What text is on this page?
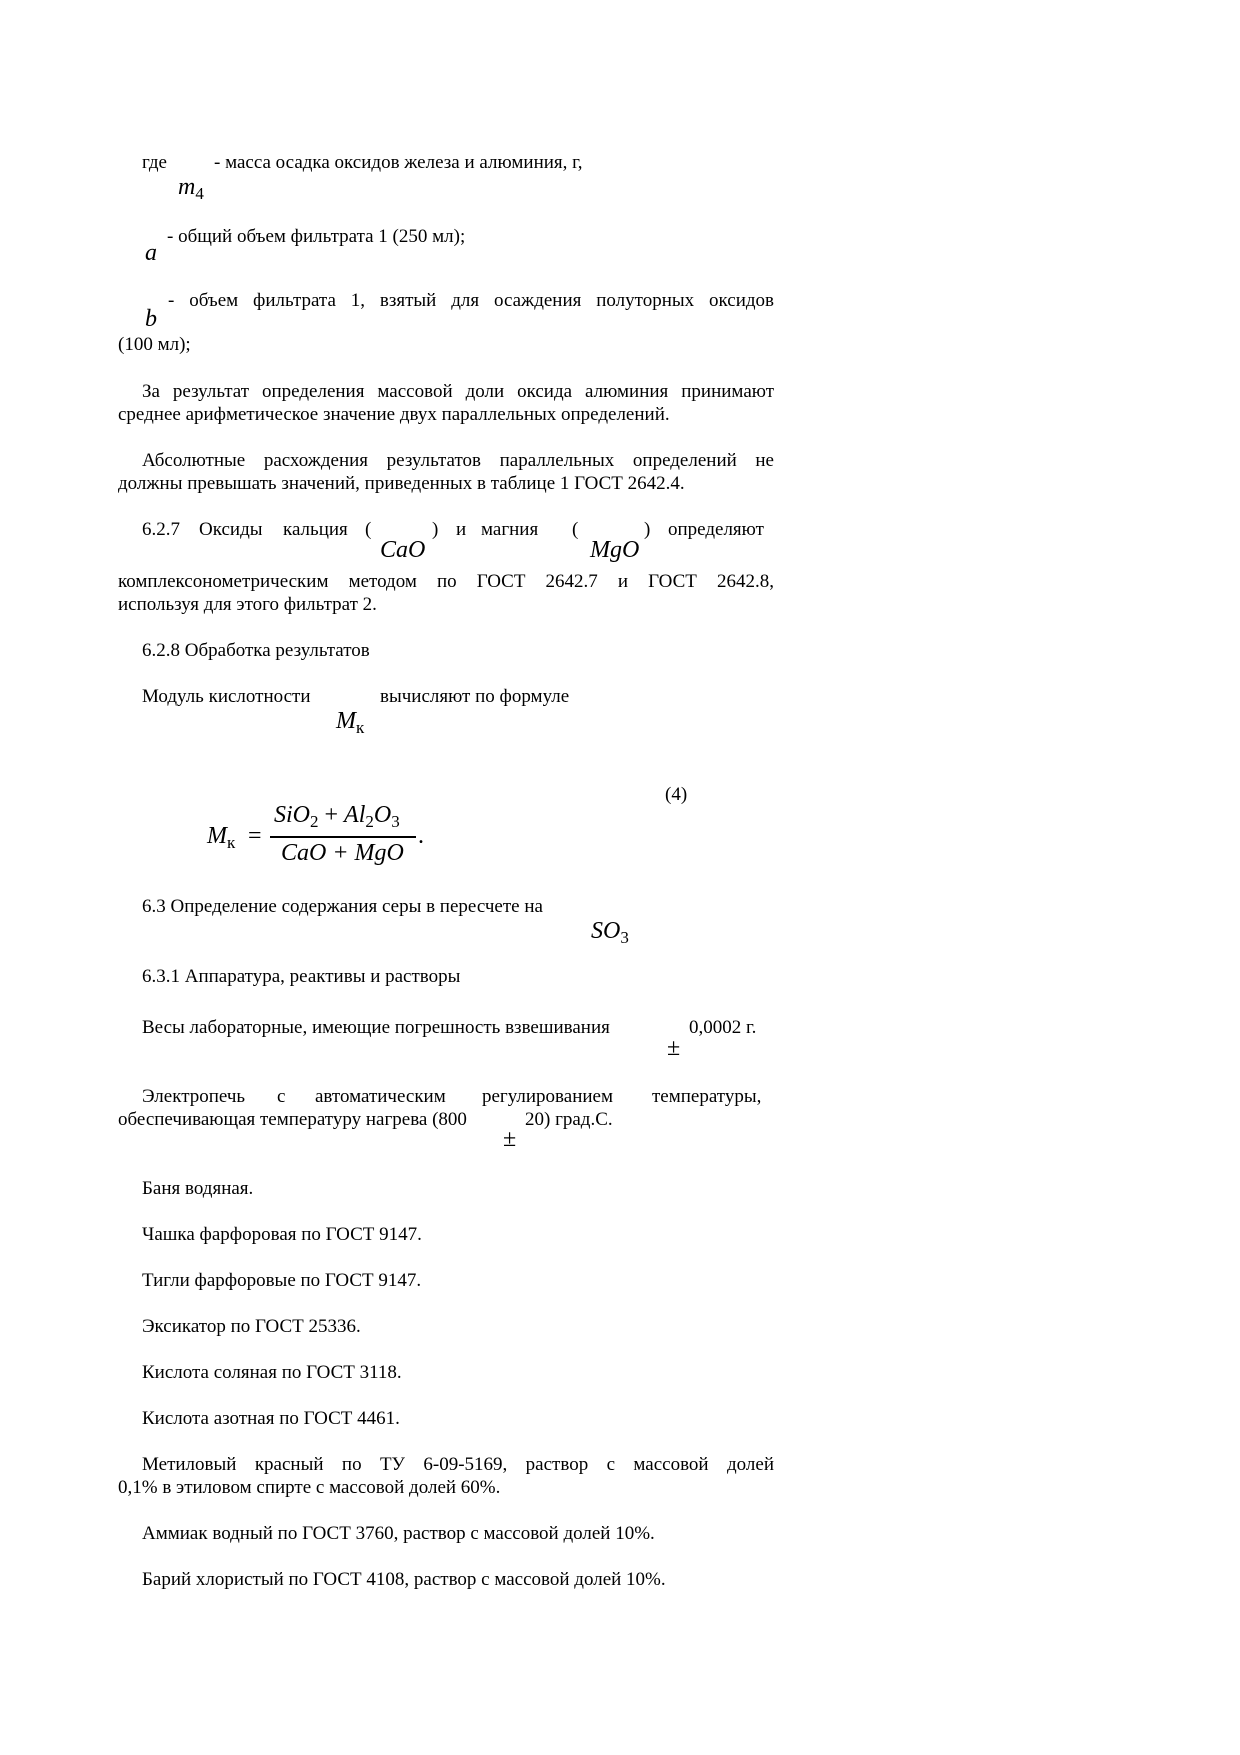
где - масса осадка оксидов железа и алюминия, г,
$m_4$
a
- общий объем фильтрата 1 (250 мл);
b
- объем фильтрата 1, взятый для осаждения полуторных оксидов
(100 мл);
За результат определения массовой доли оксида алюминия принимают
среднее арифметическое значение двух параллельных определений.
Абсолютные расхождения результатов параллельных определений не
должны превышать значений, приведенных в таблице 1 ГОСТ 2642.4.
6.2.7 Оксиды кальция (
CaO
) и магния (
MgO
) определяют
комплексонометрическим методом по ГОСТ 2642.7 и ГОСТ 2642.8,
используя для этого фильтрат 2.
6.2.8 Обработка результатов
Модуль кислотности
$M_к$
вычисляют по формуле
(4)
$M_к$ =
$SiO_2 + Al_2O_3$
CaO + MgO
.
6.3 Определение содержания серы в пересчете на
$SO_3$
6.3.1 Аппаратура, реактивы и растворы
Весы лабораторные, имеющие погрешность взвешивания
±
0,0002 г.
Электропечь с автоматическим регулированием температуры,
обеспечивающая температуру нагрева (800
±
20) град.С.
Баня водяная.
Чашка фарфоровая по ГОСТ 9147.
Тигли фарфоровые по ГОСТ 9147.
Эксикатор по ГОСТ 25336.
Кислота соляная по ГОСТ 3118.
Кислота азотная по ГОСТ 4461.
Метиловый красный по ТУ 6-09-5169, раствор с массовой долей
0,1% в этиловом спирте с массовой долей 60%.
Аммиак водный по ГОСТ 3760, раствор с массовой долей 10%.
Барий хлористый по ГОСТ 4108, раствор с массовой долей 10%.
